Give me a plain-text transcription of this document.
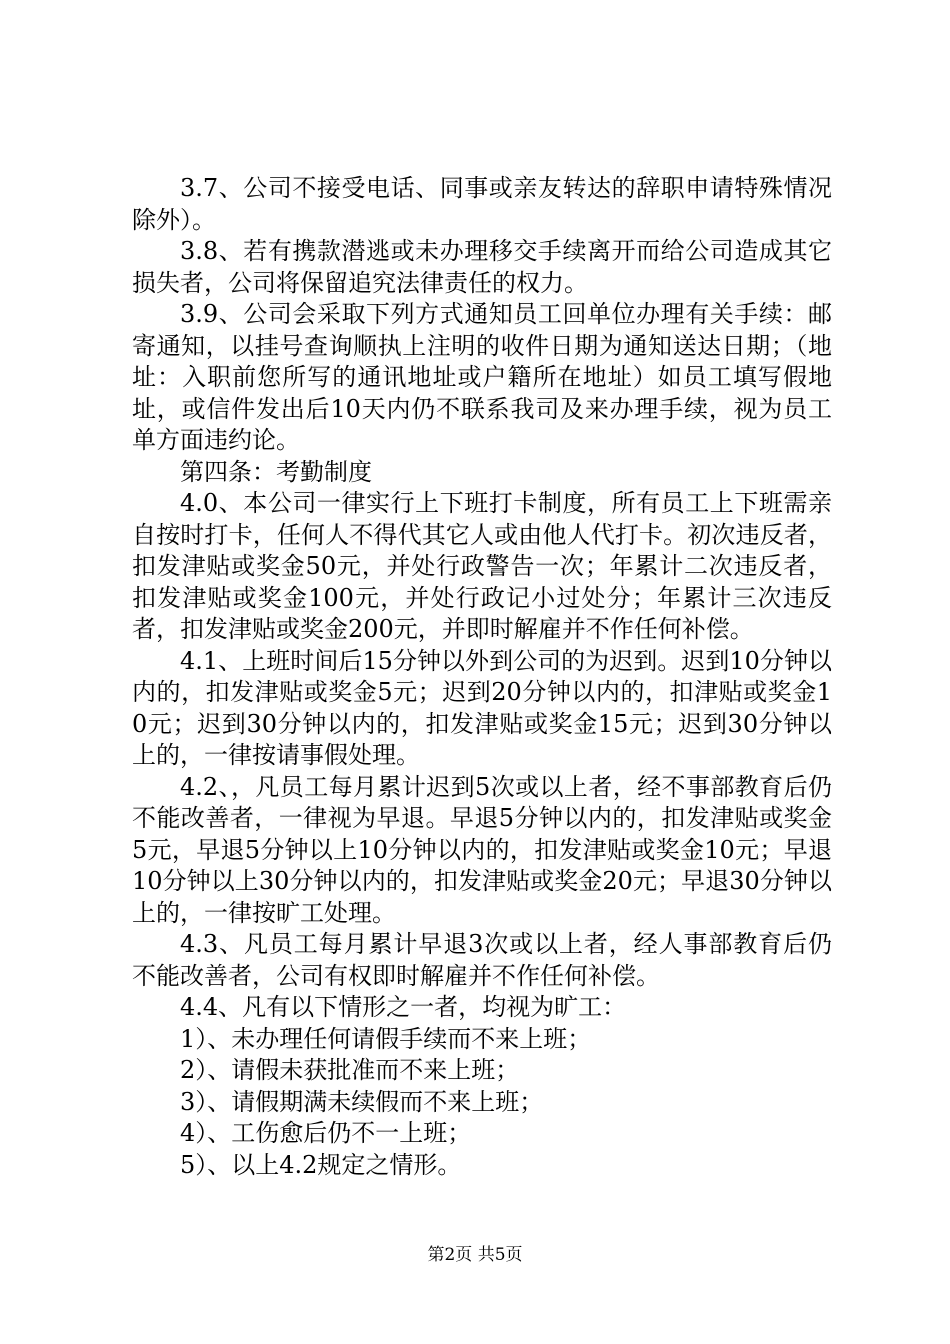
3.7、公司不接受电话、同事或亲友转达的辞职申请特殊情况除外）。

3.8、若有携款潜逃或未办理移交手续离开而给公司造成其它损失者，公司将保留追究法律责任的权力。

3.9、公司会采取下列方式通知员工回单位办理有关手续：邮寄通知，以挂号查询顺执上注明的收件日期为通知送达日期；（地址：入职前您所写的通讯地址或户籍所在地址）如员工填写假地址，或信件发出后10天内仍不联系我司及来办理手续，视为员工单方面违约论。

第四条：考勤制度

4.0、本公司一律实行上下班打卡制度，所有员工上下班需亲自按时打卡，任何人不得代其它人或由他人代打卡。初次违反者，扣发津贴或奖金50元，并处行政警告一次；年累计二次违反者，扣发津贴或奖金100元，并处行政记小过处分；年累计三次违反者，扣发津贴或奖金200元，并即时解雇并不作任何补偿。

4.1、上班时间后15分钟以外到公司的为迟到。迟到10分钟以内的，扣发津贴或奖金5元；迟到20分钟以内的，扣津贴或奖金10元；迟到30分钟以内的，扣发津贴或奖金15元；迟到30分钟以上的，一律按请事假处理。

4.2、，凡员工每月累计迟到5次或以上者，经不事部教育后仍不能改善者，一律视为早退。早退5分钟以内的，扣发津贴或奖金5元，早退5分钟以上10分钟以内的，扣发津贴或奖金10元；早退10分钟以上30分钟以内的，扣发津贴或奖金20元；早退30分钟以上的，一律按旷工处理。

4.3、凡员工每月累计早退3次或以上者，经人事部教育后仍不能改善者，公司有权即时解雇并不作任何补偿。

4.4、凡有以下情形之一者，均视为旷工：

1）、未办理任何请假手续而不来上班；

2）、请假未获批准而不来上班；

3）、请假期满未续假而不来上班；

4）、工伤愈后仍不一上班；

5）、以上4.2规定之情形。

第2页 共5页
